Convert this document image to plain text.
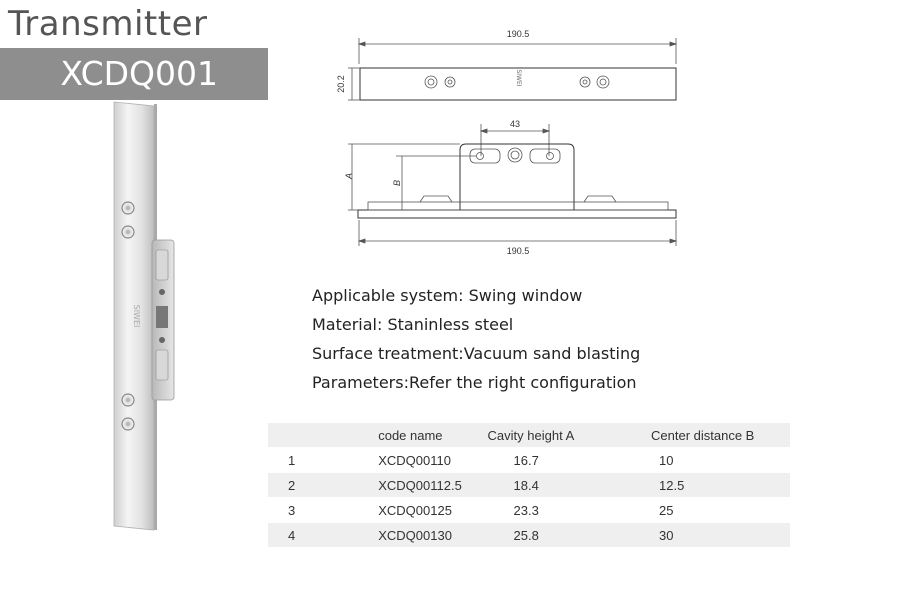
Transmitter
XCDQ001
SIWEI
SIWEI
190.5
20.2
43
A
B
190.5
Applicable system: Swing window
Material: Staninless steel
Surface treatment:Vacuum sand blasting
Parameters:Refer the right configuration
	code name	Cavity height A	Center distance B
1	XCDQ00110	16.7	10
2	XCDQ00112.5	18.4	12.5
3	XCDQ00125	23.3	25
4	XCDQ00130	25.8	30
